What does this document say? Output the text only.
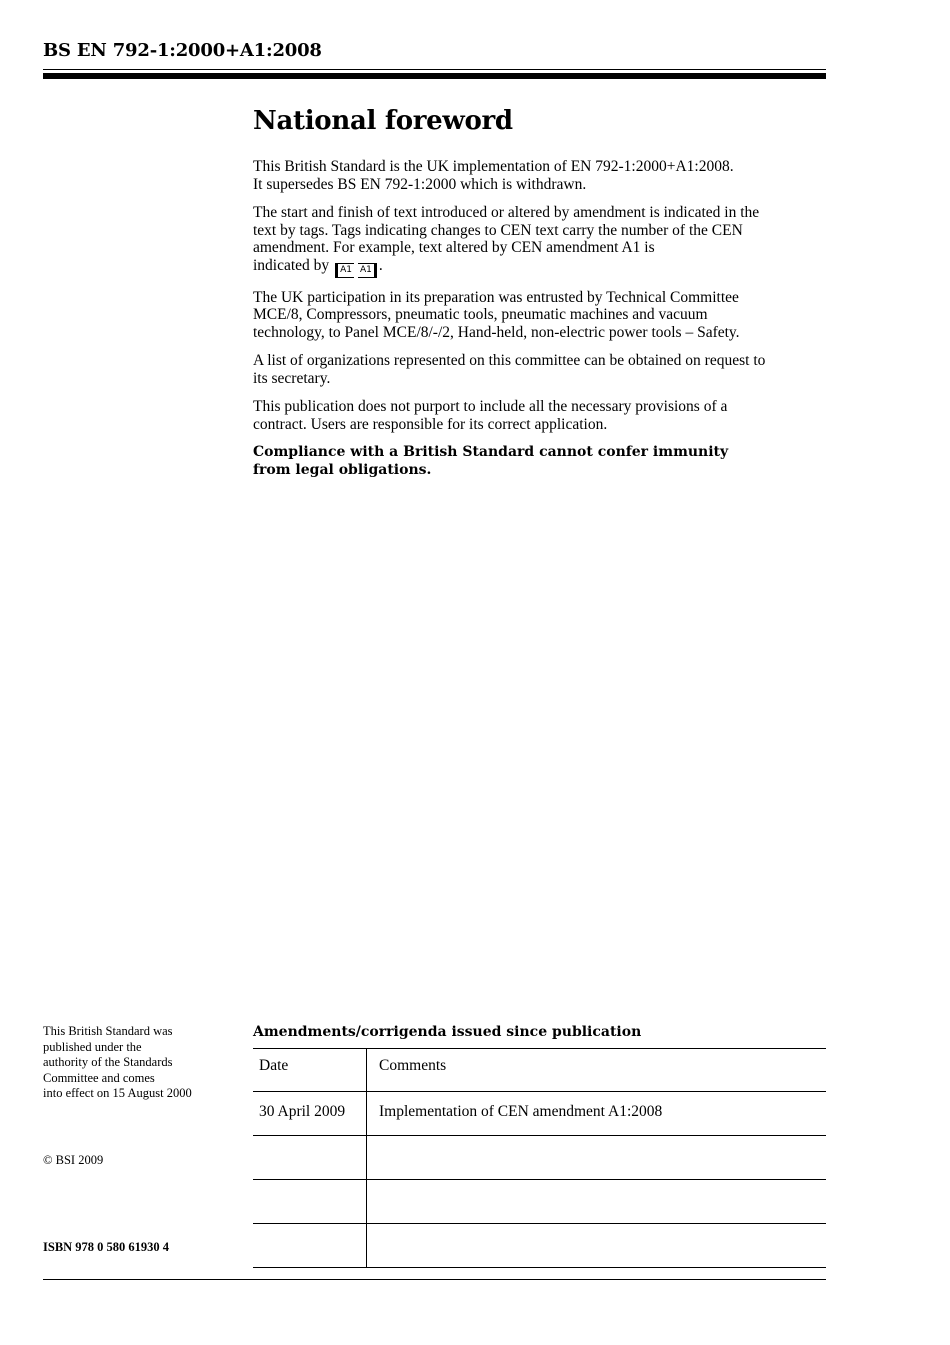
BS EN 792-1:2000+A1:2008
National foreword

This British Standard is the UK implementation of EN 792-1:2000+A1:2008.
It supersedes BS EN 792-1:2000 which is withdrawn.

The start and finish of text introduced or altered by amendment is indicated in the
text by tags. Tags indicating changes to CEN text carry the number of the CEN
amendment. For example, text altered by CEN amendment A1 is
indicated by A1 A1 .

The UK participation in its preparation was entrusted by Technical Committee
MCE/8, Compressors, pneumatic tools, pneumatic machines and vacuum
technology, to Panel MCE/8/-/2, Hand-held, non-electric power tools – Safety.

A list of organizations represented on this committee can be obtained on request to
its secretary.

This publication does not purport to include all the necessary provisions of a
contract. Users are responsible for its correct application.

Compliance with a British Standard cannot confer immunity
from legal obligations.

This British Standard was
published under the
authority of the Standards
Committee and comes
into effect on 15 August 2000
© BSI 2009
ISBN 978 0 580 61930 4
Amendments/corrigenda issued since publication
Date	Comments

30 April 2009	Implementation of CEN amendment A1:2008
